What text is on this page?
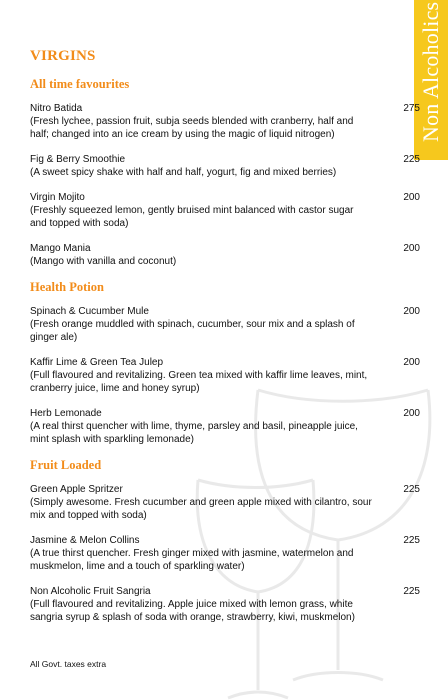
Non Alcoholics
VIRGINS
All time favourites
Nitro Batida
(Fresh lychee, passion fruit, subja seeds blended with cranberry, half and half; changed into an ice cream by using the magic of liquid nitrogen)
275
Fig & Berry Smoothie
(A sweet spicy shake with half and half, yogurt, fig and mixed berries)
225
Virgin Mojito
(Freshly squeezed lemon, gently bruised mint balanced with castor sugar and topped with soda)
200
Mango Mania
(Mango with vanilla and coconut)
200
Health Potion
Spinach & Cucumber Mule
(Fresh orange muddled with spinach, cucumber, sour mix and a splash of ginger ale)
200
Kaffir Lime & Green Tea Julep
(Full flavoured and revitalizing. Green tea mixed with kaffir lime leaves, mint, cranberry juice, lime and honey syrup)
200
Herb Lemonade
(A real thirst quencher with lime, thyme, parsley and basil, pineapple juice, mint splash with sparkling lemonade)
200
Fruit Loaded
Green Apple Spritzer
(Simply awesome. Fresh cucumber and green apple mixed with cilantro, sour mix and topped with soda)
225
Jasmine & Melon Collins
(A true thirst quencher. Fresh ginger mixed with jasmine, watermelon and muskmelon, lime and a touch of sparkling water)
225
Non Alcoholic Fruit Sangria
(Full flavoured and revitalizing. Apple juice mixed with lemon grass, white sangria syrup & splash of soda with orange, strawberry, kiwi, muskmelon)
225
All Govt. taxes extra
